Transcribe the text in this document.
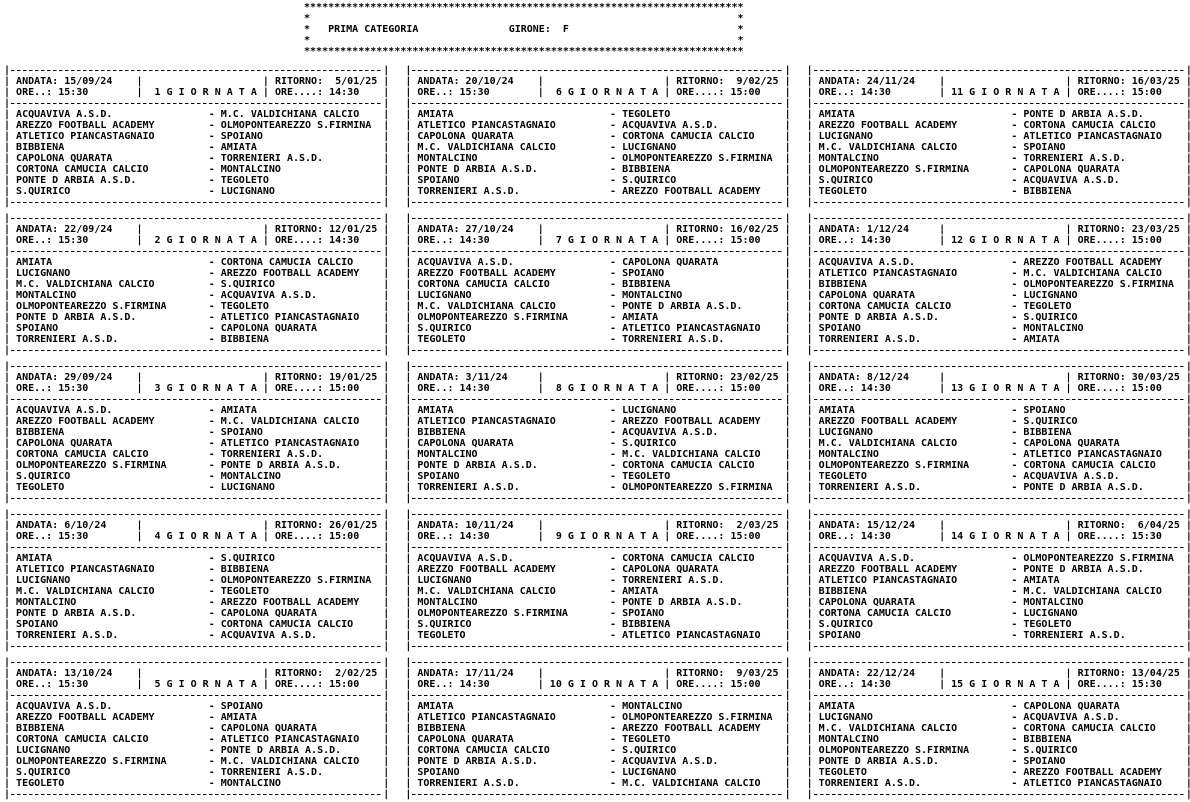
*
*****
*
*  *
* PRIMA CATEGORIA	GIRONE:	F
*
*  *
*
*****
*
|
|
| ANDATA: 15/09/24 | |	RITORNO: 5/01/25
|
| ORE..: 15:30 |	1 G I O R N A T A |	ORE....: 14:30
|
|
|
| ACQUAVIVA A.S.D.	- M.C. VALDICHIANA CALCIO
|
| AREZZO FOOTBALL ACADEMY	- OLMOPONTEAREZZO S.FIRMINA
|
| ATLETICO PIANCASTAGNAIO	- SPOIANO
|
| BIBBIENA	- AMIATA
|
| CAPOLONA QUARATA	- TORRENIERI A.S.D.
|
| CORTONA CAMUCIA CALCIO	- MONTALCINO
|
| PONTE D ARBIA A.S.D.	- TEGOLETO
|
| S.QUIRICO	- LUCIGNANO
|
|
|
|
|
| ANDATA: 22/09/24 | |	RITORNO: 12/01/25
|
| ORE..: 15:30 |	2 G I O R N A T A |	ORE....: 14:30
|
|
|
| AMIATA	- CORTONA CAMUCIA CALCIO
|
| LUCIGNANO	- AREZZO FOOTBALL ACADEMY
|
| M.C. VALDICHIANA CALCIO	- S.QUIRICO
|
| MONTALCINO	- ACQUAVIVA A.S.D.
|
| OLMOPONTEAREZZO S.FIRMINA	- TEGOLETO
|
| PONTE D ARBIA A.S.D.	- ATLETICO PIANCASTAGNAIO
|
| SPOIANO	- CAPOLONA QUARATA
|
| TORRENIERI A.S.D.	- BIBBIENA
|
|
|
|
|
| ANDATA: 29/09/24 | |	RITORNO: 19/01/25
|
| ORE..: 15:30 |	3 G I O R N A T A |	ORE....: 15:00
|
|
|
| ACQUAVIVA A.S.D.	- AMIATA
|
| AREZZO FOOTBALL ACADEMY	- M.C. VALDICHIANA CALCIO
|
| BIBBIENA	- SPOIANO
|
| CAPOLONA QUARATA	- ATLETICO PIANCASTAGNAIO
|
| CORTONA CAMUCIA CALCIO	- TORRENIERI A.S.D.
|
| OLMOPONTEAREZZO S.FIRMINA	- PONTE D ARBIA A.S.D.
|
| S.QUIRICO	- MONTALCINO
|
| TEGOLETO	- LUCIGNANO
|
|
|
|
|
| ANDATA: 6/10/24 | |	RITORNO: 26/01/25
|
| ORE..: 15:30 |	4 G I O R N A T A |	ORE....: 15:00
|
|
|
| AMIATA	- S.QUIRICO
|
| ATLETICO PIANCASTAGNAIO	- BIBBIENA
|
| LUCIGNANO	- OLMOPONTEAREZZO S.FIRMINA
|
| M.C. VALDICHIANA CALCIO	- TEGOLETO
|
| MONTALCINO	- AREZZO FOOTBALL ACADEMY
|
| PONTE D ARBIA A.S.D.	- CAPOLONA QUARATA
|
| SPOIANO	- CORTONA CAMUCIA CALCIO
|
| TORRENIERI A.S.D.	- ACQUAVIVA A.S.D.
|
|
|
|
|
| ANDATA: 13/10/24 | |	RITORNO: 2/02/25
|
| ORE..: 15:30 |	5 G I O R N A T A |	ORE....: 15:00
|
|
|
| ACQUAVIVA A.S.D.	- SPOIANO
|
| AREZZO FOOTBALL ACADEMY	- AMIATA
|
| BIBBIENA	- CAPOLONA QUARATA
|
| CORTONA CAMUCIA CALCIO	- ATLETICO PIANCASTAGNAIO
|
| LUCIGNANO	- PONTE D ARBIA A.S.D.
|
| OLMOPONTEAREZZO S.FIRMINA	- M.C. VALDICHIANA CALCIO
|
| S.QUIRICO	- TORRENIERI A.S.D.
|
| TEGOLETO	- MONTALCINO
|
|
|
|
|
| ANDATA: 20/10/24 | |	RITORNO: 9/02/25
|
| ORE..: 15:30 |	6 G I O R N A T A |	ORE....: 15:00
|
|
|
| AMIATA	- TEGOLETO
|
| ATLETICO PIANCASTAGNAIO	- ACQUAVIVA A.S.D.
|
| CAPOLONA QUARATA	- CORTONA CAMUCIA CALCIO
|
| M.C. VALDICHIANA CALCIO	- LUCIGNANO
|
| MONTALCINO	- OLMOPONTEAREZZO S.FIRMINA
|
| PONTE D ARBIA A.S.D.	- BIBBIENA
|
| SPOIANO	- S.QUIRICO
|
| TORRENIERI A.S.D.	- AREZZO FOOTBALL ACADEMY
|
|
|
|
|
| ANDATA: 27/10/24 | |	RITORNO: 16/02/25
|
| ORE..: 14:30 |	7 G I O R N A T A |	ORE....: 15:00
|
|
|
| ACQUAVIVA A.S.D.	- CAPOLONA QUARATA
|
| AREZZO FOOTBALL ACADEMY	- SPOIANO
|
| CORTONA CAMUCIA CALCIO	- BIBBIENA
|
| LUCIGNANO	- MONTALCINO
|
| M.C. VALDICHIANA CALCIO	- PONTE D ARBIA A.S.D.
|
| OLMOPONTEAREZZO S.FIRMINA	- AMIATA
|
| S.QUIRICO	- ATLETICO PIANCASTAGNAIO
|
| TEGOLETO	- TORRENIERI A.S.D.
|
|
|
|
|
| ANDATA: 3/11/24 | |	RITORNO: 23/02/25
|
| ORE..: 14:30 |	8 G I O R N A T A |	ORE....: 15:00
|
|
|
| AMIATA	- LUCIGNANO
|
| ATLETICO PIANCASTAGNAIO	- AREZZO FOOTBALL ACADEMY
|
| BIBBIENA	- ACQUAVIVA A.S.D.
|
| CAPOLONA QUARATA	- S.QUIRICO
|
| MONTALCINO	- M.C. VALDICHIANA CALCIO
|
| PONTE D ARBIA A.S.D.	- CORTONA CAMUCIA CALCIO
|
| SPOIANO	- TEGOLETO
|
| TORRENIERI A.S.D.	- OLMOPONTEAREZZO S.FIRMINA
|
|
|
|
|
| ANDATA: 10/11/24 | |	RITORNO: 2/03/25
|
| ORE..: 14:30 |	9 G I O R N A T A |	ORE....: 15:00
|
|
|
| ACQUAVIVA A.S.D.	- CORTONA CAMUCIA CALCIO
|
| AREZZO FOOTBALL ACADEMY	- CAPOLONA QUARATA
|
| LUCIGNANO	- TORRENIERI A.S.D.
|
| M.C. VALDICHIANA CALCIO	- AMIATA
|
| MONTALCINO	- PONTE D ARBIA A.S.D.
|
| OLMOPONTEAREZZO S.FIRMINA	- SPOIANO
|
| S.QUIRICO	- BIBBIENA
|
| TEGOLETO	- ATLETICO PIANCASTAGNAIO
|
|
|
|
|
| ANDATA: 17/11/24 | |	RITORNO: 9/03/25
|
| ORE..: 14:30 |	10 G I O R N A T A |	ORE....: 15:00
|
|
|
| AMIATA	- MONTALCINO
|
| ATLETICO PIANCASTAGNAIO	- OLMOPONTEAREZZO S.FIRMINA
|
| BIBBIENA	- AREZZO FOOTBALL ACADEMY
|
| CAPOLONA QUARATA	- TEGOLETO
|
| CORTONA CAMUCIA CALCIO	- S.QUIRICO
|
| PONTE D ARBIA A.S.D.	- ACQUAVIVA A.S.D.
|
| SPOIANO	- LUCIGNANO
|
| TORRENIERI A.S.D.	- M.C. VALDICHIANA CALCIO
|
|
|
|
|
| ANDATA: 24/11/24 | |	RITORNO: 16/03/25
|
| ORE..: 14:30 |	11 G I O R N A T A |	ORE....: 15:00
|
|
|
| AMIATA	- PONTE D ARBIA A.S.D.
|
| AREZZO FOOTBALL ACADEMY	- CORTONA CAMUCIA CALCIO
|
| LUCIGNANO	- ATLETICO PIANCASTAGNAIO
|
| M.C. VALDICHIANA CALCIO	- SPOIANO
|
| MONTALCINO	- TORRENIERI A.S.D.
|
| OLMOPONTEAREZZO S.FIRMINA	- CAPOLONA QUARATA
|
| S.QUIRICO	- ACQUAVIVA A.S.D.
|
| TEGOLETO	- BIBBIENA
|
|
|
|
|
| ANDATA: 1/12/24 | |	RITORNO: 23/03/25
|
| ORE..: 14:30 |	12 G I O R N A T A |	ORE....: 15:00
|
|
|
| ACQUAVIVA A.S.D.	- AREZZO FOOTBALL ACADEMY
|
| ATLETICO PIANCASTAGNAIO	- M.C. VALDICHIANA CALCIO
|
| BIBBIENA	- OLMOPONTEAREZZO S.FIRMINA
|
| CAPOLONA QUARATA	- LUCIGNANO
|
| CORTONA CAMUCIA CALCIO	- TEGOLETO
|
| PONTE D ARBIA A.S.D.	- S.QUIRICO
|
| SPOIANO	- MONTALCINO
|
| TORRENIERI A.S.D.	- AMIATA
|
|
|
|
|
| ANDATA: 8/12/24 | |	RITORNO: 30/03/25
|
| ORE..: 14:30 |	13 G I O R N A T A |	ORE....: 15:00
|
|
|
| AMIATA	- SPOIANO
|
| AREZZO FOOTBALL ACADEMY	- S.QUIRICO
|
| LUCIGNANO	- BIBBIENA
|
| M.C. VALDICHIANA CALCIO	- CAPOLONA QUARATA
|
| MONTALCINO	- ATLETICO PIANCASTAGNAIO
|
| OLMOPONTEAREZZO S.FIRMINA	- CORTONA CAMUCIA CALCIO
|
| TEGOLETO	- ACQUAVIVA A.S.D.
|
| TORRENIERI A.S.D.	- PONTE D ARBIA A.S.D.
|
|
|
|
|
| ANDATA: 15/12/24 | |	RITORNO: 6/04/25
|
| ORE..: 14:30 |	14 G I O R N A T A |	ORE....: 15:30
|
|
|
| ACQUAVIVA A.S.D.	- OLMOPONTEAREZZO S.FIRMINA
|
| AREZZO FOOTBALL ACADEMY	- PONTE D ARBIA A.S.D.
|
| ATLETICO PIANCASTAGNAIO	- AMIATA
|
| BIBBIENA	- M.C. VALDICHIANA CALCIO
|
| CAPOLONA QUARATA	- MONTALCINO
|
| CORTONA CAMUCIA CALCIO	- LUCIGNANO
|
| S.QUIRICO	- TEGOLETO
|
| SPOIANO	- TORRENIERI A.S.D.
|
|
|
|
|
| ANDATA: 22/12/24 | |	RITORNO: 13/04/25
|
| ORE..: 14:30 |	15 G I O R N A T A |	ORE....: 15:30
|
|
|
| AMIATA	- CAPOLONA QUARATA
|
| LUCIGNANO	- ACQUAVIVA A.S.D.
|
| M.C. VALDICHIANA CALCIO	- CORTONA CAMUCIA CALCIO
|
| MONTALCINO	- BIBBIENA
|
| OLMOPONTEAREZZO S.FIRMINA	- S.QUIRICO
|
| PONTE D ARBIA A.S.D.	- SPOIANO
|
| TEGOLETO	- AREZZO FOOTBALL ACADEMY
|
| TORRENIERI A.S.D.	- ATLETICO PIANCASTAGNAIO
|
|
|
